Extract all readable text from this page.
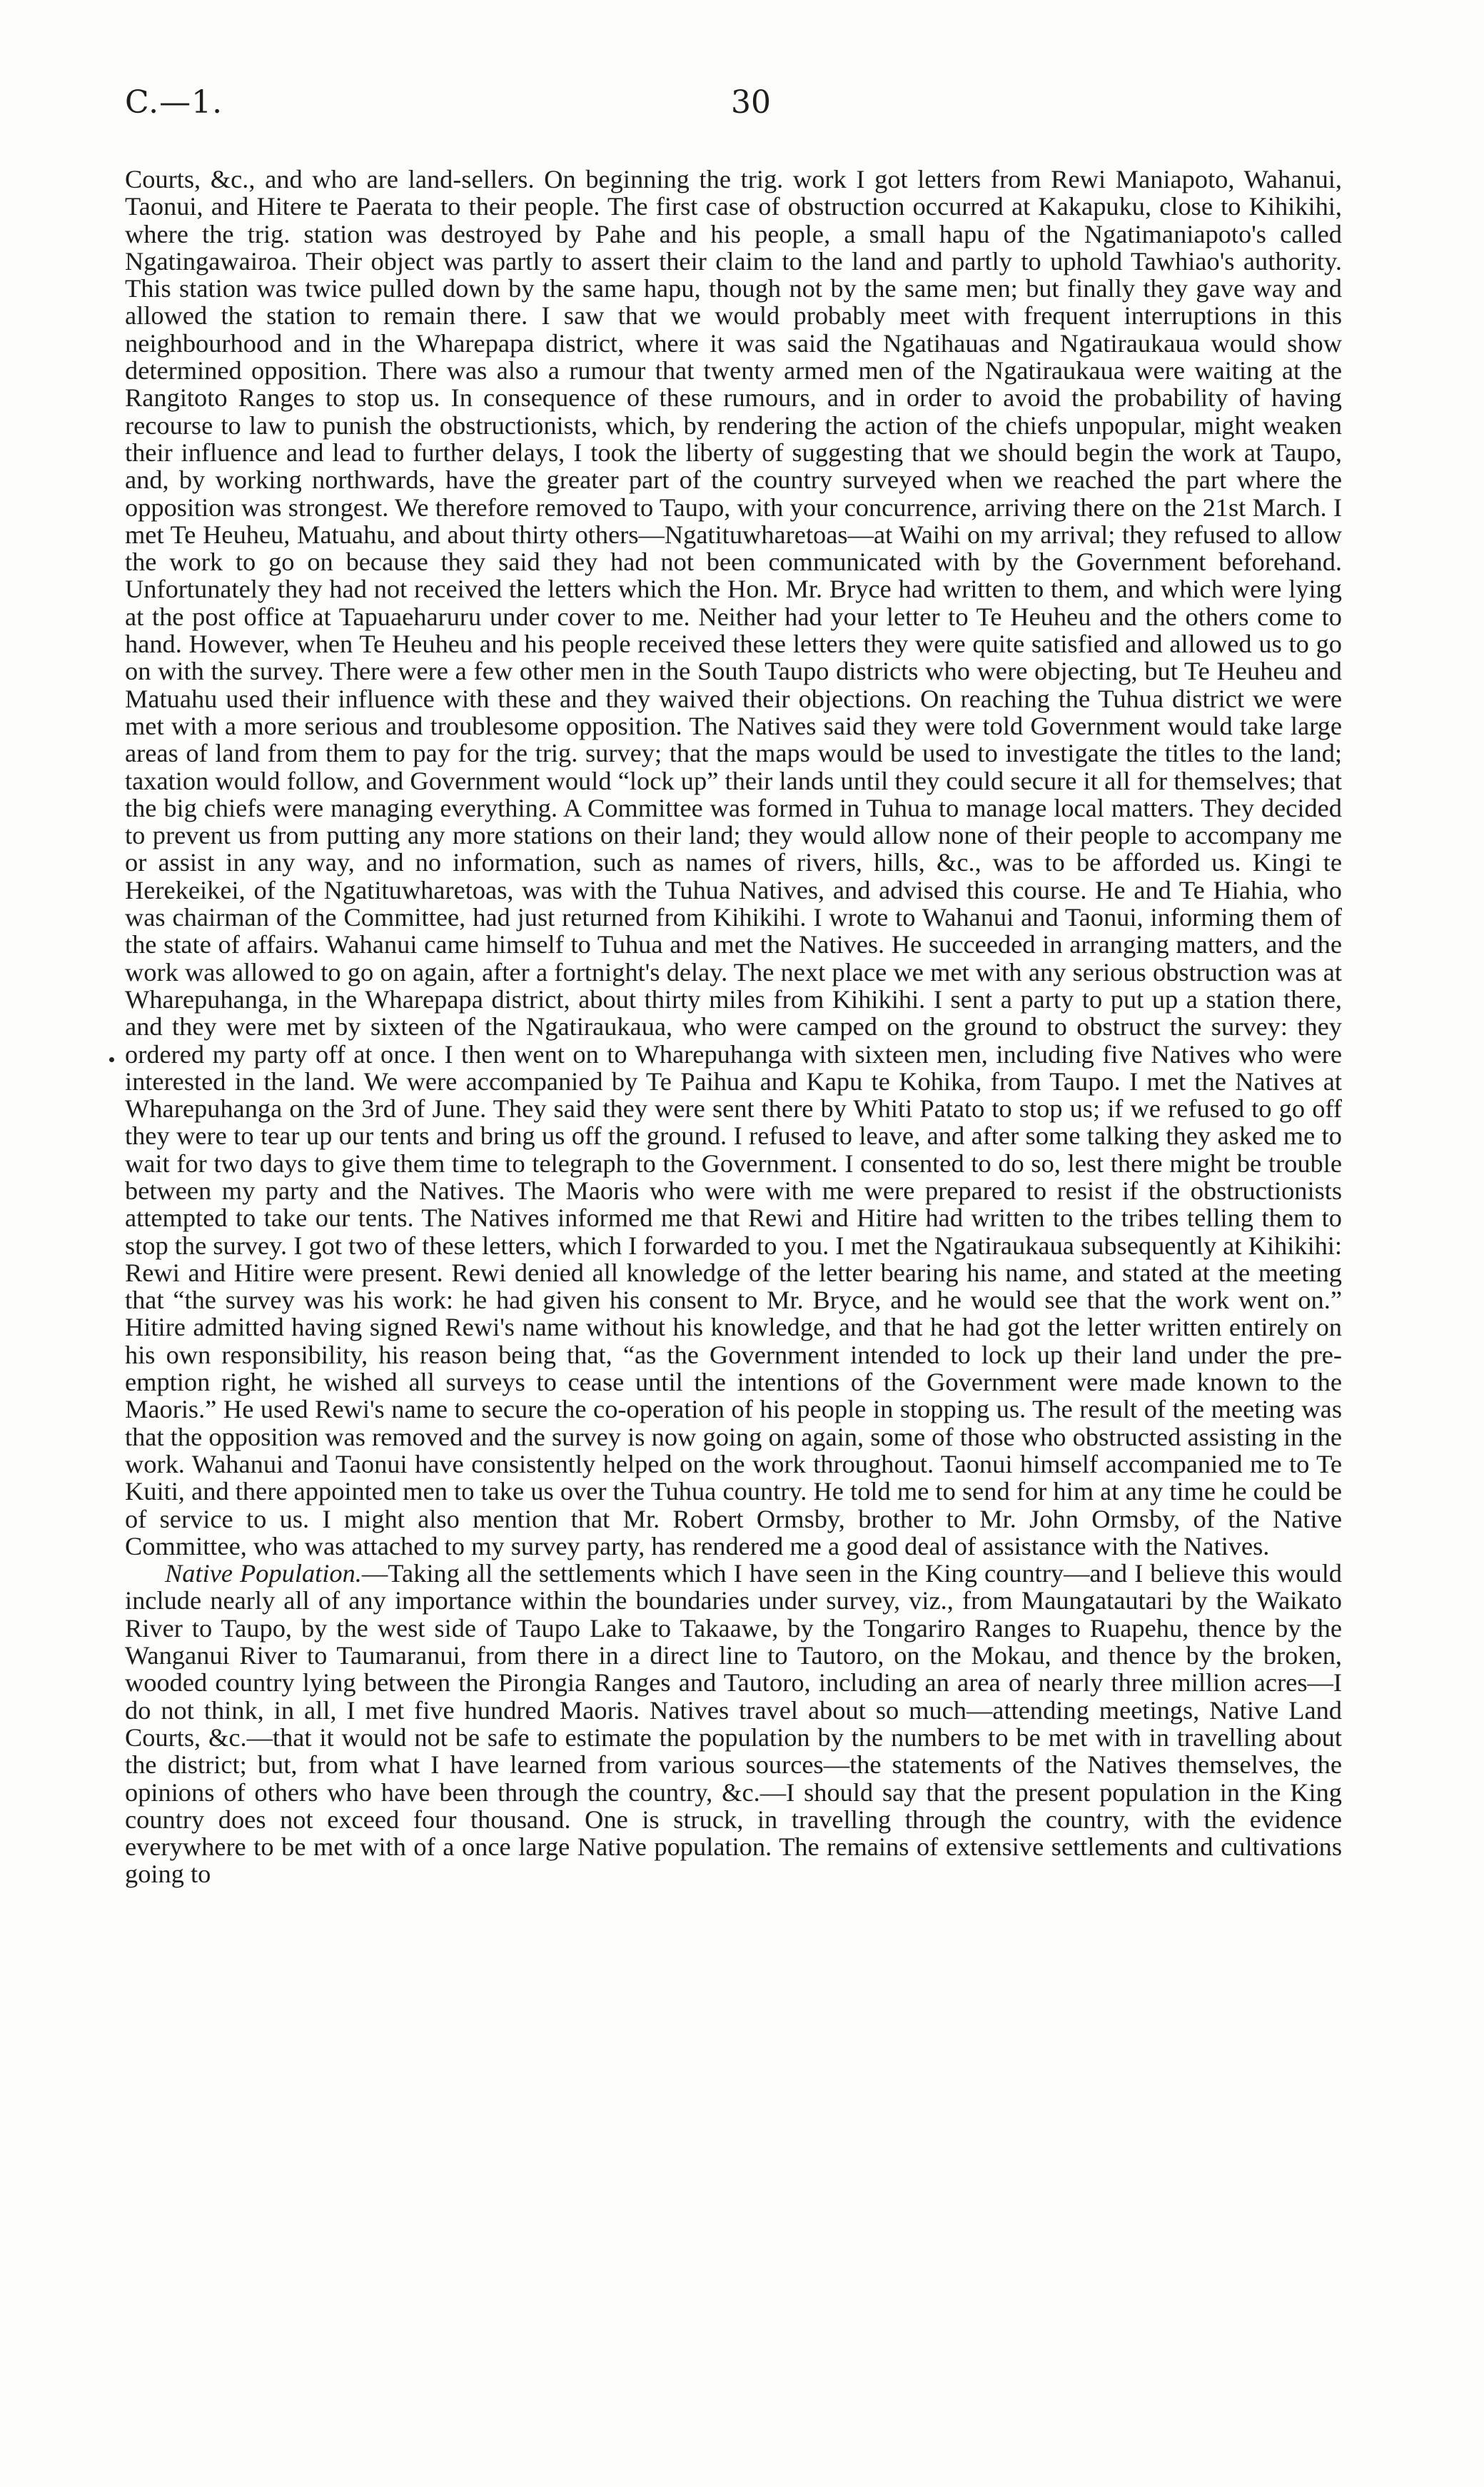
C.—1.	30

Courts, &c., and who are land-sellers. On beginning the trig. work I got letters from Rewi Maniapoto, Wahanui, Taonui, and Hitere te Paerata to their people. The first case of obstruction occurred at Kakapuku, close to Kihikihi, where the trig. station was destroyed by Pahe and his people, a small hapu of the Ngatimaniapoto's called Ngatingawairoa. Their object was partly to assert their claim to the land and partly to uphold Tawhiao's authority. This station was twice pulled down by the same hapu, though not by the same men; but finally they gave way and allowed the station to remain there. I saw that we would probably meet with frequent interruptions in this neighbourhood and in the Wharepapa district, where it was said the Ngatihauas and Ngatiraukaua would show determined opposition. There was also a rumour that twenty armed men of the Ngatiraukaua were waiting at the Rangitoto Ranges to stop us. In consequence of these rumours, and in order to avoid the probability of having recourse to law to punish the obstructionists, which, by rendering the action of the chiefs unpopular, might weaken their influence and lead to further delays, I took the liberty of suggesting that we should begin the work at Taupo, and, by working northwards, have the greater part of the country surveyed when we reached the part where the opposition was strongest. We therefore removed to Taupo, with your concurrence, arriving there on the 21st March. I met Te Heuheu, Matuahu, and about thirty others—Ngatituwharetoas—at Waihi on my arrival; they refused to allow the work to go on because they said they had not been communicated with by the Government beforehand. Unfortunately they had not received the letters which the Hon. Mr. Bryce had written to them, and which were lying at the post office at Tapuaeharuru under cover to me. Neither had your letter to Te Heuheu and the others come to hand. However, when Te Heuheu and his people received these letters they were quite satisfied and allowed us to go on with the survey. There were a few other men in the South Taupo districts who were objecting, but Te Heuheu and Matuahu used their influence with these and they waived their objections. On reaching the Tuhua district we were met with a more serious and troublesome opposition. The Natives said they were told Government would take large areas of land from them to pay for the trig. survey; that the maps would be used to investigate the titles to the land; taxation would follow, and Government would “lock up” their lands until they could secure it all for themselves; that the big chiefs were managing everything. A Committee was formed in Tuhua to manage local matters. They decided to prevent us from putting any more stations on their land; they would allow none of their people to accompany me or assist in any way, and no information, such as names of rivers, hills, &c., was to be afforded us. Kingi te Herekeikei, of the Ngatituwharetoas, was with the Tuhua Natives, and advised this course. He and Te Hiahia, who was chairman of the Committee, had just returned from Kihikihi. I wrote to Wahanui and Taonui, informing them of the state of affairs. Wahanui came himself to Tuhua and met the Natives. He succeeded in arranging matters, and the work was allowed to go on again, after a fortnight's delay. The next place we met with any serious obstruction was at Wharepuhanga, in the Wharepapa district, about thirty miles from Kihikihi. I sent a party to put up a station there, and they were met by sixteen of the Ngatiraukaua, who were camped on the ground to obstruct the survey: they ordered my party off at once. I then went on to Wharepuhanga with sixteen men, including five Natives who were interested in the land. We were accompanied by Te Paihua and Kapu te Kohika, from Taupo. I met the Natives at Wharepuhanga on the 3rd of June. They said they were sent there by Whiti Patato to stop us; if we refused to go off they were to tear up our tents and bring us off the ground. I refused to leave, and after some talking they asked me to wait for two days to give them time to telegraph to the Government. I consented to do so, lest there might be trouble between my party and the Natives. The Maoris who were with me were prepared to resist if the obstructionists attempted to take our tents. The Natives informed me that Rewi and Hitire had written to the tribes telling them to stop the survey. I got two of these letters, which I forwarded to you. I met the Ngatiraukaua subsequently at Kihikihi: Rewi and Hitire were present. Rewi denied all knowledge of the letter bearing his name, and stated at the meeting that “the survey was his work: he had given his consent to Mr. Bryce, and he would see that the work went on.” Hitire admitted having signed Rewi's name without his knowledge, and that he had got the letter written entirely on his own responsibility, his reason being that, “as the Government intended to lock up their land under the pre-emption right, he wished all surveys to cease until the intentions of the Government were made known to the Maoris.” He used Rewi's name to secure the co-operation of his people in stopping us. The result of the meeting was that the opposition was removed and the survey is now going on again, some of those who obstructed assisting in the work. Wahanui and Taonui have consistently helped on the work throughout. Taonui himself accompanied me to Te Kuiti, and there appointed men to take us over the Tuhua country. He told me to send for him at any time he could be of service to us. I might also mention that Mr. Robert Ormsby, brother to Mr. John Ormsby, of the Native Committee, who was attached to my survey party, has rendered me a good deal of assistance with the Natives.

Native Population.—Taking all the settlements which I have seen in the King country—and I believe this would include nearly all of any importance within the boundaries under survey, viz., from Maungatautari by the Waikato River to Taupo, by the west side of Taupo Lake to Takaawe, by the Tongariro Ranges to Ruapehu, thence by the Wanganui River to Taumaranui, from there in a direct line to Tautoro, on the Mokau, and thence by the broken, wooded country lying between the Pirongia Ranges and Tautoro, including an area of nearly three million acres—I do not think, in all, I met five hundred Maoris. Natives travel about so much—attending meetings, Native Land Courts, &c.—that it would not be safe to estimate the population by the numbers to be met with in travelling about the district; but, from what I have learned from various sources—the statements of the Natives themselves, the opinions of others who have been through the country, &c.—I should say that the present population in the King country does not exceed four thousand. One is struck, in travelling through the country, with the evidence everywhere to be met with of a once large Native population. The remains of extensive settlements and cultivations going to
